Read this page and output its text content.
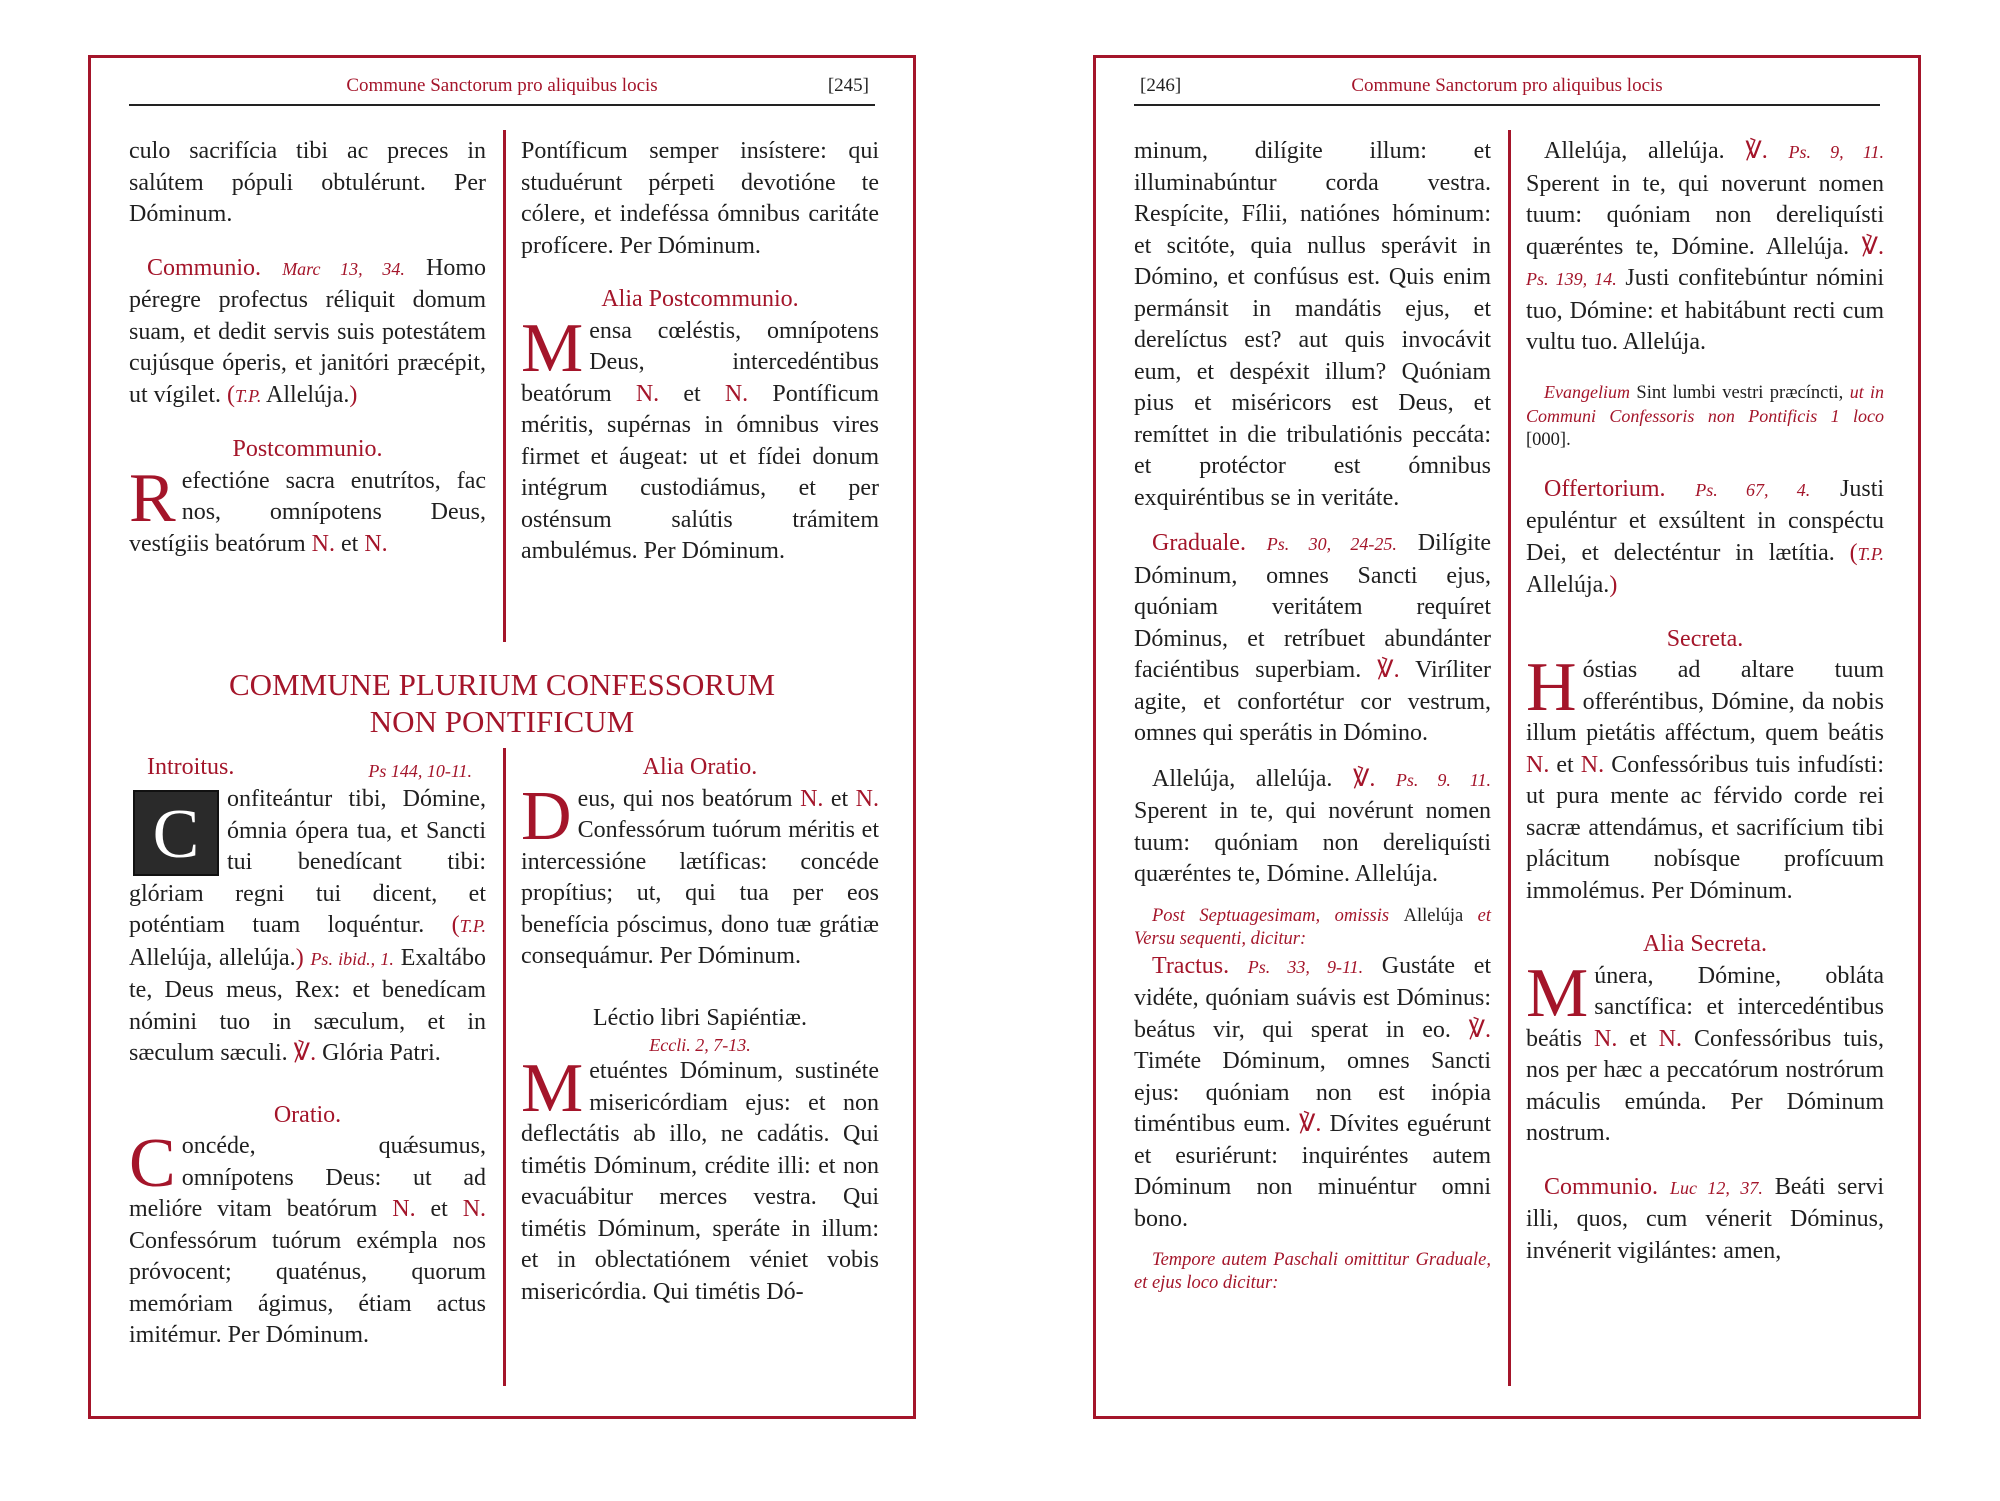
Commune Sanctorum pro aliquibus locis	[245]

culo sacrifícia tibi ac preces in salútem pópuli obtulérunt. Per Dóminum.

Communio. Marc 13, 34. Homo péregre profectus réliquit domum suam, et dedit servis suis potestátem cujúsque óperis, et janitóri præcépit, ut vígilet. (T.P. Allelúja.)

Postcommunio.

R efectióne sacra enutrítos, fac nos, omnípotens Deus, vestígiis beatórum N. et N.

Pontíficum semper insístere: qui studuérunt pérpeti devotióne te cólere, et indeféssa ómnibus caritáte profícere. Per Dóminum.

Alia Postcommunio.

M ensa cœléstis, omnípotens Deus, intercedéntibus beatórum N. et N. Pontíficum méritis, supérnas in ómnibus vires firmet et áugeat: ut et fídei donum intégrum custodiámus, et per osténsum salútis trámitem ambulémus. Per Dóminum.

COMMUNE PLURIUM CONFESSORUM
NON PONTIFICUM
Introitus.	Ps 144, 10-11.

C	onfiteántur tibi, Dómine, ómnia ópera tua, et Sancti tui benedícant tibi: glóriam regni tui dicent, et poténtiam tuam loquéntur. (T.P. Allelúja, allelúja.) Ps. ibid., 1. Exaltábo te, Deus meus, Rex: et benedícam nómini tuo in sæculum, et in sæculum sæculi. ℣. Glória Patri.

Oratio.

C oncéde, quǽsumus, omnípotens Deus: ut ad melióre vitam beatórum N. et N. Confessórum tuórum exémpla nos próvocent; quaténus, quorum memóriam ágimus, étiam actus imitémur. Per Dóminum.

Alia Oratio.

D eus, qui nos beatórum N. et N. Confessórum tuórum méritis et intercessióne lætíficas: concéde propítius; ut, qui tua per eos benefícia póscimus, dono tuæ grátiæ consequámur. Per Dóminum.

Léctio libri Sapiéntiæ.

Eccli. 2, 7-13.

M etuéntes Dóminum, sustinéte misericórdiam ejus: et non deflectátis ab illo, ne cadátis. Qui timétis Dóminum, crédite illi: et non evacuábitur merces vestra. Qui timétis Dóminum, speráte in illum: et in oblectatiónem véniet vobis misericórdia. Qui timétis Dó-

[246]	Commune Sanctorum pro aliquibus locis

minum, dilígite illum: et illuminabúntur corda vestra. Respícite, Fílii, natiónes hóminum: et scitóte, quia nullus sperávit in Dómino, et confúsus est. Quis enim permánsit in mandátis ejus, et derelíctus est? aut quis invocávit eum, et despéxit illum? Quóniam pius et miséricors est Deus, et remíttet in die tribulatiónis peccáta: et protéctor est ómnibus exquiréntibus se in veritáte.

Graduale. Ps. 30, 24-25. Dilígite Dóminum, omnes Sancti ejus, quóniam veritátem requíret Dóminus, et retríbuet abundánter faciéntibus superbiam. ℣. Viríliter agite, et confortétur cor vestrum, omnes qui sperátis in Dómino.

Allelúja, allelúja. ℣. Ps. 9. 11. Sperent in te, qui novérunt nomen tuum: quóniam non dereliquísti quæréntes te, Dómine. Allelúja.

Post Septuagesimam, omissis Allelúja et Versu sequenti, dicitur:

Tractus. Ps. 33, 9-11. Gustáte et vidéte, quóniam suávis est Dóminus: beátus vir, qui sperat in eo. ℣. Timéte Dóminum, omnes Sancti ejus: quóniam non est inópia timéntibus eum. ℣. Dívites eguérunt et esuriérunt: inquiréntes autem Dóminum non minuéntur omni bono.

Tempore autem Paschali omittitur Graduale, et ejus loco dicitur:

Allelúja, allelúja. ℣. Ps. 9, 11. Sperent in te, qui noverunt nomen tuum: quóniam non dereliquísti quæréntes te, Dómine. Allelúja. ℣. Ps. 139, 14. Justi confitebúntur nómini tuo, Dómine: et habitábunt recti cum vultu tuo. Allelúja.

Evangelium Sint lumbi vestri præcíncti, ut in Communi Confessoris non Pontificis 1 loco [000].

Offertorium. Ps. 67, 4. Justi epuléntur et exsúltent in conspéctu Dei, et delecténtur in lætítia. (T.P. Allelúja.)

Secreta.

H óstias ad altare tuum offeréntibus, Dómine, da nobis illum pietátis afféctum, quem beátis N. et N. Confessóribus tuis infudísti: ut pura mente ac férvido corde rei sacræ attendámus, et sacrifícium tibi plácitum nobísque profícuum immolémus. Per Dóminum.

Alia Secreta.

M únera, Dómine, obláta sanctífica: et intercedéntibus beátis N. et N. Confessóribus tuis, nos per hæc a peccatórum nostrórum máculis emúnda. Per Dóminum nostrum.

Communio. Luc 12, 37. Beáti servi illi, quos, cum vénerit Dóminus, invénerit vigilántes: amen,
